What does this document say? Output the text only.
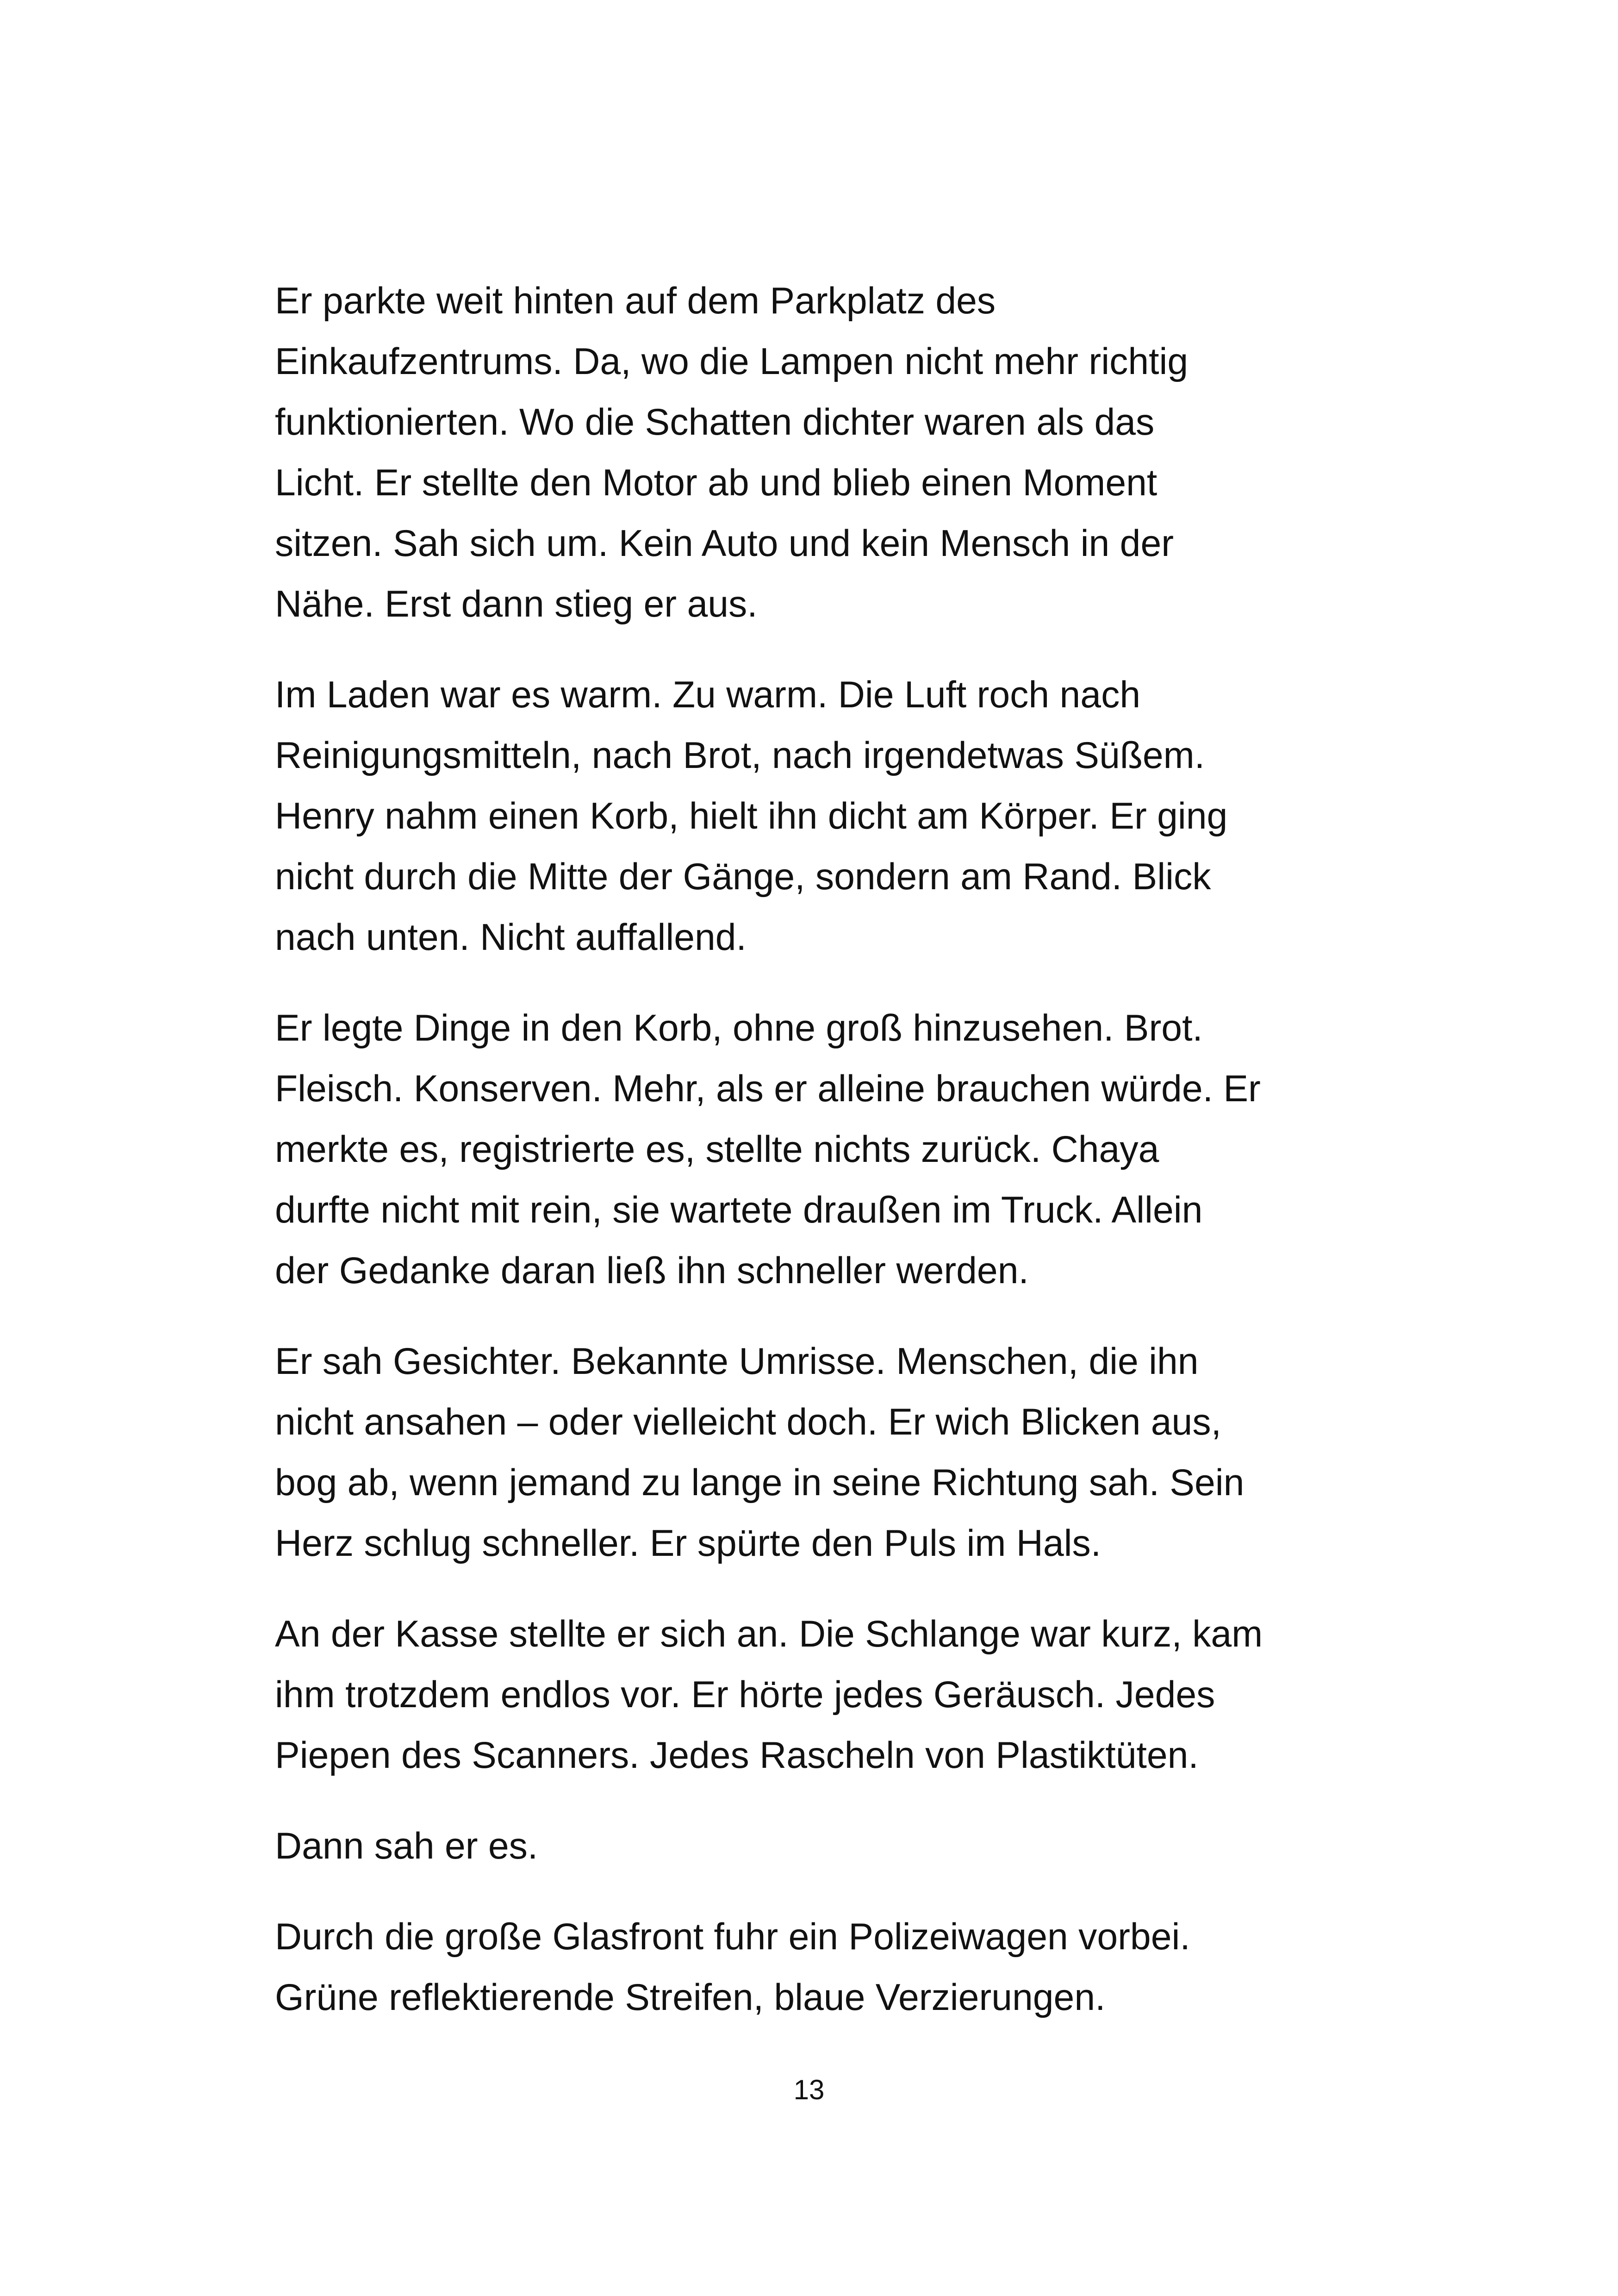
Er parkte weit hinten auf dem Parkplatz des
Einkaufzentrums. Da, wo die Lampen nicht mehr richtig
funktionierten. Wo die Schatten dichter waren als das
Licht. Er stellte den Motor ab und blieb einen Moment
sitzen. Sah sich um. Kein Auto und kein Mensch in der
Nähe. Erst dann stieg er aus.

Im Laden war es warm. Zu warm. Die Luft roch nach
Reinigungsmitteln, nach Brot, nach irgendetwas Süßem.
Henry nahm einen Korb, hielt ihn dicht am Körper. Er ging
nicht durch die Mitte der Gänge, sondern am Rand. Blick
nach unten. Nicht auffallend.

Er legte Dinge in den Korb, ohne groß hinzusehen. Brot.
Fleisch. Konserven. Mehr, als er alleine brauchen würde. Er
merkte es, registrierte es, stellte nichts zurück. Chaya
durfte nicht mit rein, sie wartete draußen im Truck. Allein
der Gedanke daran ließ ihn schneller werden.

Er sah Gesichter. Bekannte Umrisse. Menschen, die ihn
nicht ansahen – oder vielleicht doch. Er wich Blicken aus,
bog ab, wenn jemand zu lange in seine Richtung sah. Sein
Herz schlug schneller. Er spürte den Puls im Hals.

An der Kasse stellte er sich an. Die Schlange war kurz, kam
ihm trotzdem endlos vor. Er hörte jedes Geräusch. Jedes
Piepen des Scanners. Jedes Rascheln von Plastiktüten.

Dann sah er es.

Durch die große Glasfront fuhr ein Polizeiwagen vorbei.
Grüne reflektierende Streifen, blaue Verzierungen.

13
